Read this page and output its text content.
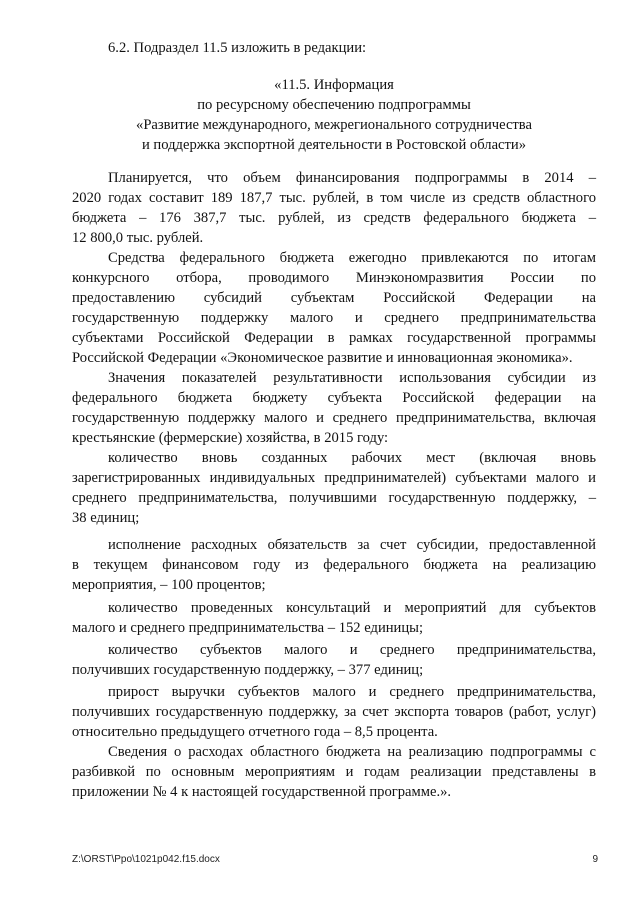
6.2. Подраздел 11.5 изложить в редакции:
«11.5. Информация
по ресурсному обеспечению подпрограммы
«Развитие международного, межрегионального сотрудничества
и поддержка экспортной деятельности в Ростовской области»
Планируется, что объем финансирования подпрограммы в 2014 –
2020 годах составит 189 187,7 тыс. рублей, в том числе из средств областного
бюджета – 176 387,7 тыс. рублей, из средств федерального бюджета –
12 800,0 тыс. рублей.
Средства федерального бюджета ежегодно привлекаются по итогам
конкурсного отбора, проводимого Минэкономразвития России по
предоставлению субсидий субъектам Российской Федерации на
государственную поддержку малого и среднего предпринимательства
субъектами Российской Федерации в рамках государственной программы
Российской Федерации «Экономическое развитие и инновационная экономика».
Значения показателей результативности использования субсидии из
федерального бюджета бюджету субъекта Российской федерации на
государственную поддержку малого и среднего предпринимательства, включая
крестьянские (фермерские) хозяйства, в 2015 году:
количество вновь созданных рабочих мест (включая вновь
зарегистрированных индивидуальных предпринимателей) субъектами малого и
среднего предпринимательства, получившими государственную поддержку, –
38 единиц;
исполнение расходных обязательств за счет субсидии, предоставленной
в текущем финансовом году из федерального бюджета на реализацию
мероприятия, – 100 процентов;
количество проведенных консультаций и мероприятий для субъектов
малого и среднего предпринимательства – 152 единицы;
количество субъектов малого и среднего предпринимательства,
получивших государственную поддержку, – 377 единиц;
прирост выручки субъектов малого и среднего предпринимательства,
получивших государственную поддержку, за счет экспорта товаров (работ, услуг)
относительно предыдущего отчетного года – 8,5 процента.
Сведения о расходах областного бюджета на реализацию подпрограммы с
разбивкой по основным мероприятиям и годам реализации представлены в
приложении № 4 к настоящей государственной программе.».
Z:\ORST\Ppo\1021p042.f15.docx	9
